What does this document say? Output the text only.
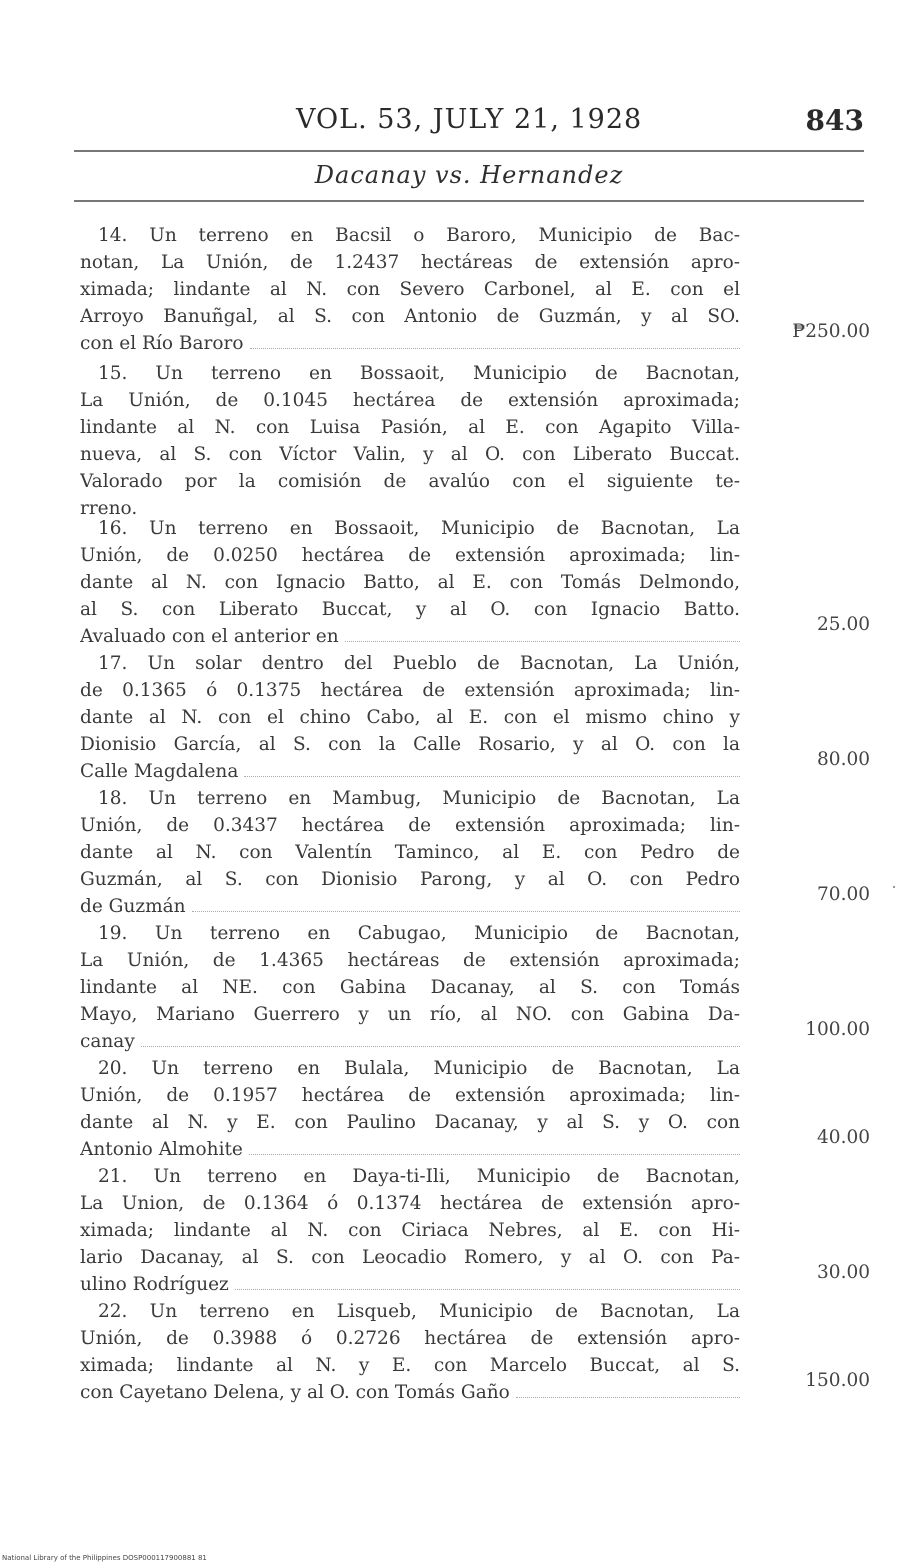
VOL. 53, JULY 21, 1928	843
Dacanay vs. Hernandez
14. Un terreno en Bacsil o Baroro, Municipio de Bac-
notan, La Unión, de 1.2437 hectáreas de extensión apro-
ximada; lindante al N. con Severo Carbonel, al E. con el
Arroyo Banuñgal, al S. con Antonio de Guzmán, y al SO.
con el Río Baroro
₱250.00
15. Un terreno en Bossaoit, Municipio de Bacnotan,
La Unión, de 0.1045 hectárea de extensión aproximada;
lindante al N. con Luisa Pasión, al E. con Agapito Villa-
nueva, al S. con Víctor Valin, y al O. con Liberato Buccat.
Valorado por la comisión de avalúo con el siguiente te-
rreno.
16. Un terreno en Bossaoit, Municipio de Bacnotan, La
Unión, de 0.0250 hectárea de extensión aproximada; lin-
dante al N. con Ignacio Batto, al E. con Tomás Delmondo,
al S. con Liberato Buccat, y al O. con Ignacio Batto.
Avaluado con el anterior en
25.00
17. Un solar dentro del Pueblo de Bacnotan, La Unión,
de 0.1365 ó 0.1375 hectárea de extensión aproximada; lin-
dante al N. con el chino Cabo, al E. con el mismo chino y
Dionisio García, al S. con la Calle Rosario, y al O. con la
Calle Magdalena
80.00
18. Un terreno en Mambug, Municipio de Bacnotan, La
Unión, de 0.3437 hectárea de extensión aproximada; lin-
dante al N. con Valentín Taminco, al E. con Pedro de
Guzmán, al S. con Dionisio Parong, y al O. con Pedro
de Guzmán
70.00
19. Un terreno en Cabugao, Municipio de Bacnotan,
La Unión, de 1.4365 hectáreas de extensión aproximada;
lindante al NE. con Gabina Dacanay, al S. con Tomás
Mayo, Mariano Guerrero y un río, al NO. con Gabina Da-
canay
100.00
20. Un terreno en Bulala, Municipio de Bacnotan, La
Unión, de 0.1957 hectárea de extensión aproximada; lin-
dante al N. y E. con Paulino Dacanay, y al S. y O. con
Antonio Almohite
40.00
21. Un terreno en Daya-ti-Ili, Municipio de Bacnotan,
La Union, de 0.1364 ó 0.1374 hectárea de extensión apro-
ximada; lindante al N. con Ciriaca Nebres, al E. con Hi-
lario Dacanay, al S. con Leocadio Romero, y al O. con Pa-
ulino Rodríguez
30.00
22. Un terreno en Lisqueb, Municipio de Bacnotan, La
Unión, de 0.3988 ó 0.2726 hectárea de extensión apro-
ximada; lindante al N. y E. con Marcelo Buccat, al S.
con Cayetano Delena, y al O. con Tomás Gaño
150.00
National Library of the Philippines DOSP000117900881 81
